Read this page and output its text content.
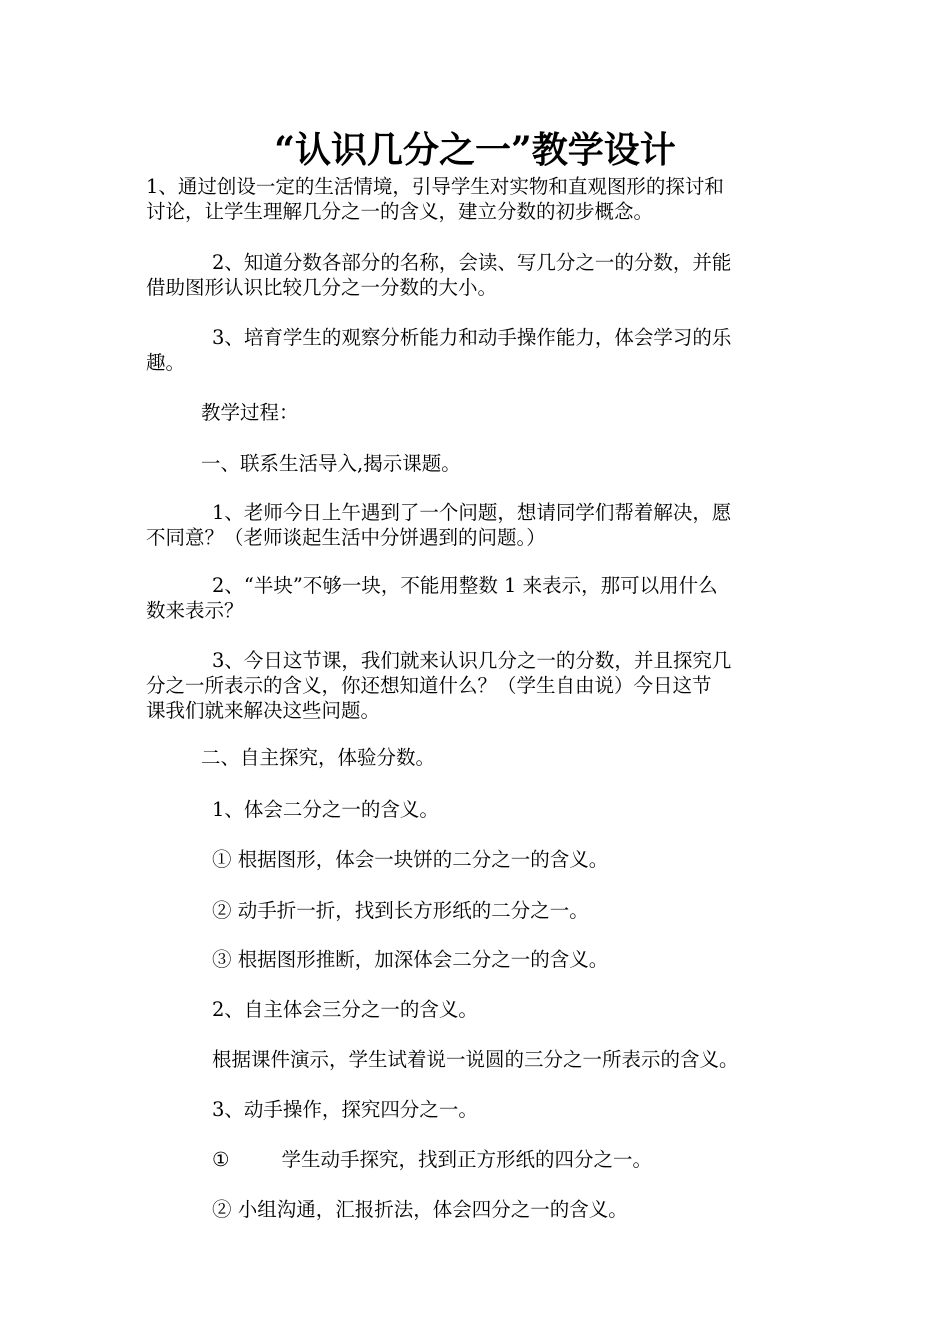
“认识几分之一”教学设计

1、通过创设一定的生活情境，引导学生对实物和直观图形的探讨和
讨论，让学生理解几分之一的含义，建立分数的初步概念。

2、知道分数各部分的名称，会读、写几分之一的分数，并能
借助图形认识比较几分之一分数的大小。

3、培育学生的观察分析能力和动手操作能力，体会学习的乐
趣。

教学过程：

一、联系生活导入,揭示课题。

1、老师今日上午遇到了一个问题，想请同学们帮着解决，愿
不同意？（老师谈起生活中分饼遇到的问题。）

2、“半块”不够一块，不能用整数 1 来表示，那可以用什么
数来表示？

3、今日这节课，我们就来认识几分之一的分数，并且探究几
分之一所表示的含义，你还想知道什么？（学生自由说）今日这节
课我们就来解决这些问题。

二、自主探究，体验分数。

1、体会二分之一的含义。

① 根据图形，体会一块饼的二分之一的含义。

② 动手折一折，找到长方形纸的二分之一。

③ 根据图形推断，加深体会二分之一的含义。

2、自主体会三分之一的含义。

根据课件演示，学生试着说一说圆的三分之一所表示的含义。

3、动手操作，探究四分之一。

①	学生动手探究，找到正方形纸的四分之一。

② 小组沟通，汇报折法，体会四分之一的含义。
